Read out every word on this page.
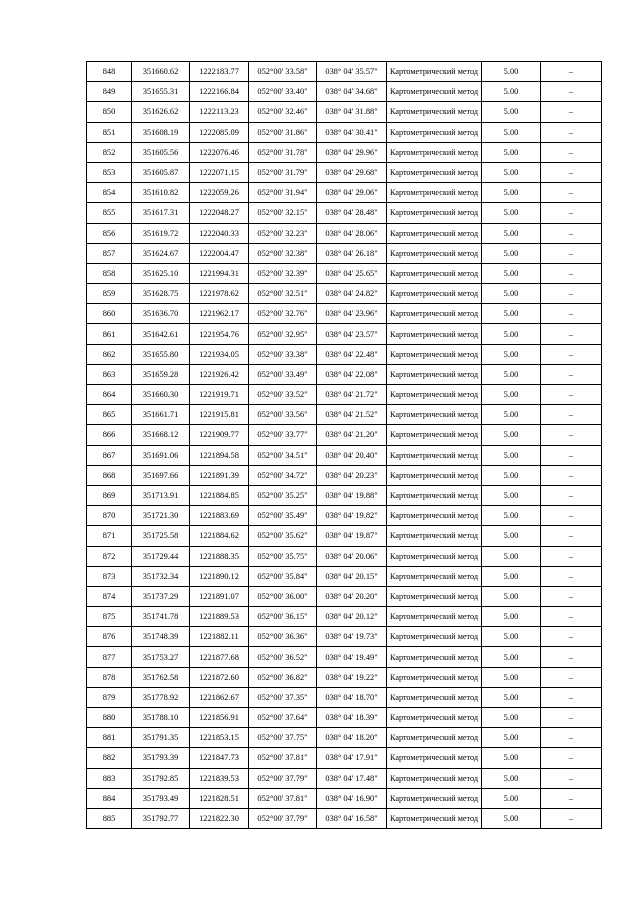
848	351660.62	1222183.77	052°00' 33.58"	038° 04' 35.57"	Картометрический метод	5.00	–
849	351655.31	1222166.84	052°00' 33.40"	038° 04' 34.68"	Картометрический метод	5.00	–
850	351626.62	1222113.23	052°00' 32.46"	038° 04' 31.88"	Картометрический метод	5.00	–
851	351608.19	1222085.09	052°00' 31.86"	038° 04' 30.41"	Картометрический метод	5.00	–
852	351605.56	1222076.46	052°00' 31.78"	038° 04' 29.96"	Картометрический метод	5.00	–
853	351605.87	1222071.15	052°00' 31.79"	038° 04' 29.68"	Картометрический метод	5.00	–
854	351610.82	1222059.26	052°00' 31.94"	038° 04' 29.06"	Картометрический метод	5.00	–
855	351617.31	1222048.27	052°00' 32.15"	038° 04' 28.48"	Картометрический метод	5.00	–
856	351619.72	1222040.33	052°00' 32.23"	038° 04' 28.06"	Картометрический метод	5.00	–
857	351624.67	1222004.47	052°00' 32.38"	038° 04' 26.18"	Картометрический метод	5.00	–
858	351625.10	1221994.31	052°00' 32.39"	038° 04' 25.65"	Картометрический метод	5.00	–
859	351628.75	1221978.62	052°00' 32.51"	038° 04' 24.82"	Картометрический метод	5.00	–
860	351636.70	1221962.17	052°00' 32.76"	038° 04' 23.96"	Картометрический метод	5.00	–
861	351642.61	1221954.76	052°00' 32.95"	038° 04' 23.57"	Картометрический метод	5.00	–
862	351655.80	1221934.05	052°00' 33.38"	038° 04' 22.48"	Картометрический метод	5.00	–
863	351659.28	1221926.42	052°00' 33.49"	038° 04' 22.08"	Картометрический метод	5.00	–
864	351660.30	1221919.71	052°00' 33.52"	038° 04' 21.72"	Картометрический метод	5.00	–
865	351661.71	1221915.81	052°00' 33.56"	038° 04' 21.52"	Картометрический метод	5.00	–
866	351668.12	1221909.77	052°00' 33.77"	038° 04' 21.20"	Картометрический метод	5.00	–
867	351691.06	1221894.58	052°00' 34.51"	038° 04' 20.40"	Картометрический метод	5.00	–
868	351697.66	1221891.39	052°00' 34.72"	038° 04' 20.23"	Картометрический метод	5.00	–
869	351713.91	1221884.85	052°00' 35.25"	038° 04' 19.88"	Картометрический метод	5.00	–
870	351721.30	1221883.69	052°00' 35.49"	038° 04' 19.82"	Картометрический метод	5.00	–
871	351725.58	1221884.62	052°00' 35.62"	038° 04' 19.87"	Картометрический метод	5.00	–
872	351729.44	1221888.35	052°00' 35.75"	038° 04' 20.06"	Картометрический метод	5.00	–
873	351732.34	1221890.12	052°00' 35.84"	038° 04' 20.15"	Картометрический метод	5.00	–
874	351737.29	1221891.07	052°00' 36.00"	038° 04' 20.20"	Картометрический метод	5.00	–
875	351741.78	1221889.53	052°00' 36.15"	038° 04' 20.12"	Картометрический метод	5.00	–
876	351748.39	1221882.11	052°00' 36.36"	038° 04' 19.73"	Картометрический метод	5.00	–
877	351753.27	1221877.68	052°00' 36.52"	038° 04' 19.49"	Картометрический метод	5.00	–
878	351762.58	1221872.60	052°00' 36.82"	038° 04' 19.22"	Картометрический метод	5.00	–
879	351778.92	1221862.67	052°00' 37.35"	038° 04' 18.70"	Картометрический метод	5.00	–
880	351788.10	1221856.91	052°00' 37.64"	038° 04' 18.39"	Картометрический метод	5.00	–
881	351791.35	1221853.15	052°00' 37.75"	038° 04' 18.20"	Картометрический метод	5.00	–
882	351793.39	1221847.73	052°00' 37.81"	038° 04' 17.91"	Картометрический метод	5.00	–
883	351792.85	1221839.53	052°00' 37.79"	038° 04' 17.48"	Картометрический метод	5.00	–
884	351793.49	1221828.51	052°00' 37.81"	038° 04' 16.90"	Картометрический метод	5.00	–
885	351792.77	1221822.30	052°00' 37.79"	038° 04' 16.58"	Картометрический метод	5.00	–
